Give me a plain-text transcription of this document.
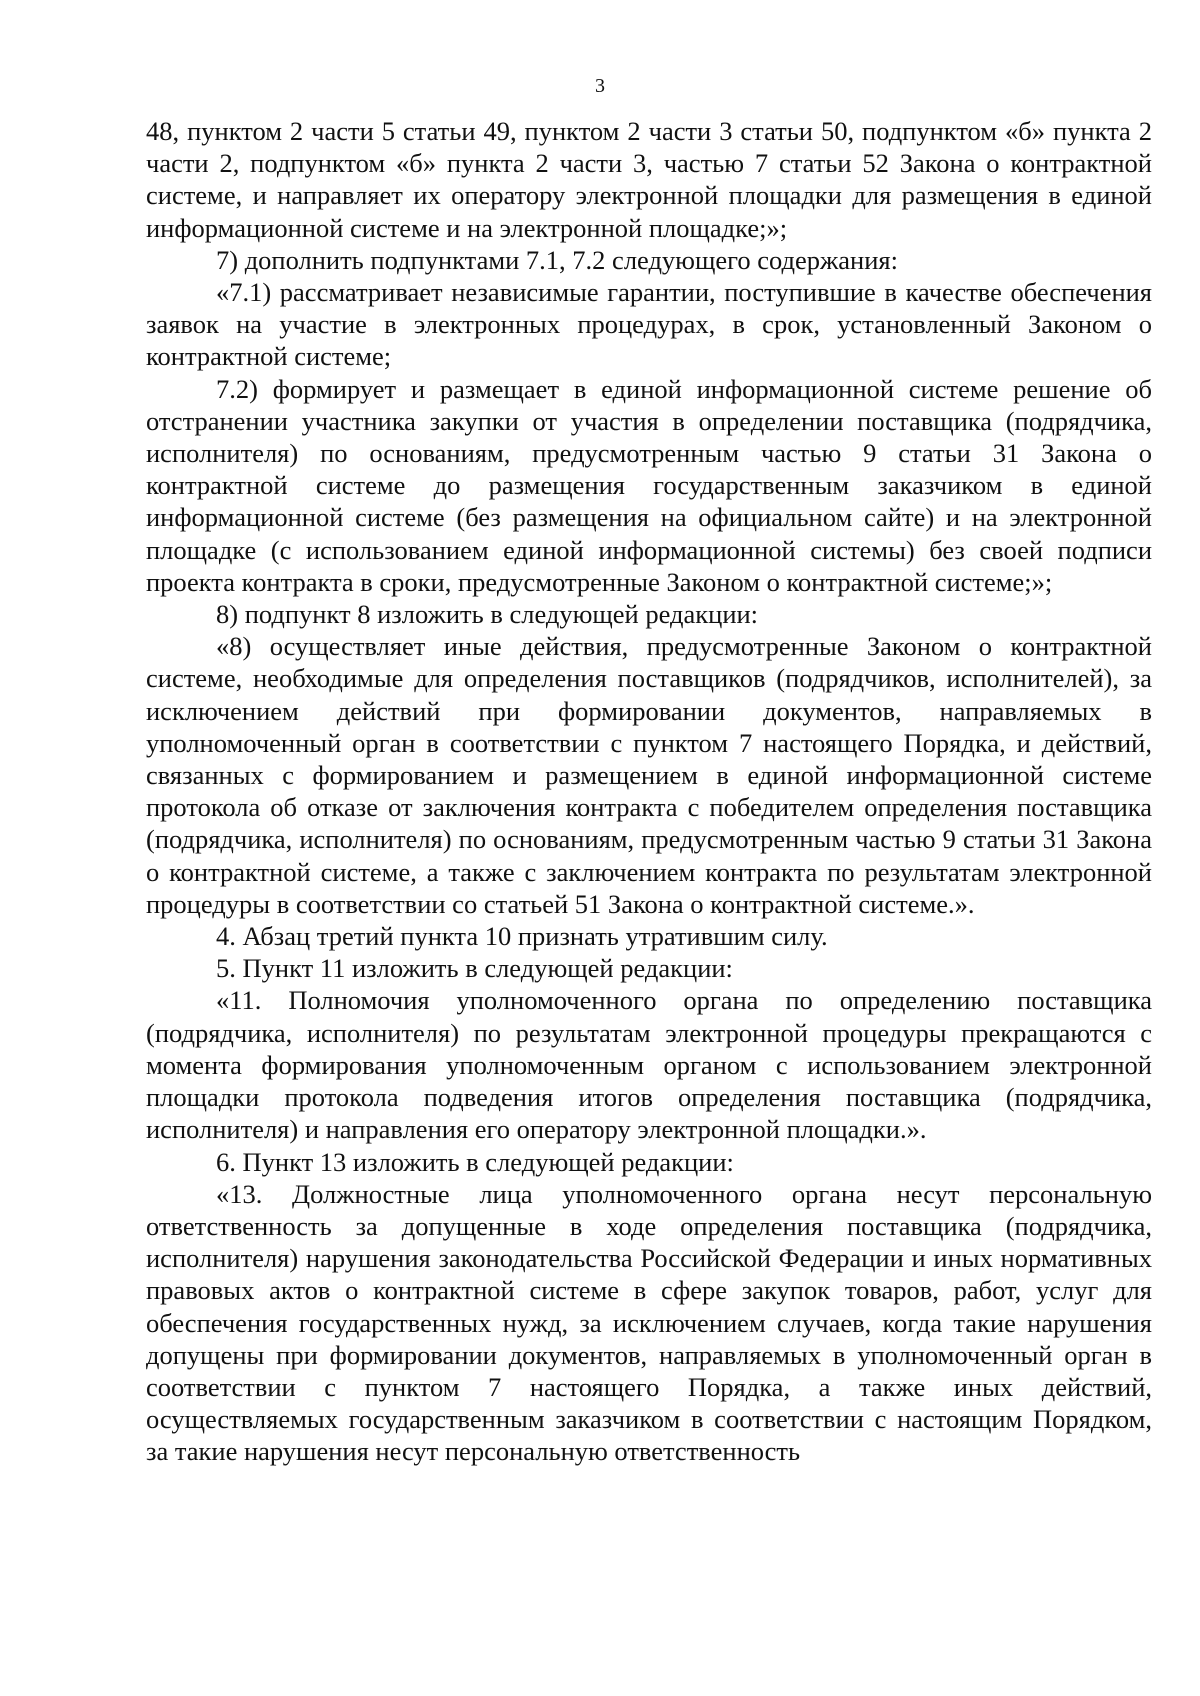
3

48, пунктом 2 части 5 статьи 49, пунктом 2 части 3 статьи 50, подпунктом «б» пункта 2 части 2, подпунктом «б» пункта 2 части 3, частью 7 статьи 52 Закона о контрактной системе, и направляет их оператору электронной площадки для размещения в единой информационной системе и на электронной площадке;»;

7) дополнить подпунктами 7.1, 7.2 следующего содержания:

«7.1) рассматривает независимые гарантии, поступившие в качестве обеспечения заявок на участие в электронных процедурах, в срок, установленный Законом о контрактной системе;

7.2) формирует и размещает в единой информационной системе решение об отстранении участника закупки от участия в определении поставщика (подрядчика, исполнителя) по основаниям, предусмотренным частью 9 статьи 31 Закона о контрактной системе до размещения государственным заказчиком в единой информационной системе (без размещения на официальном сайте) и на электронной площадке (с использованием единой информационной системы) без своей подписи проекта контракта в сроки, предусмотренные Законом о контрактной системе;»;

8) подпункт 8 изложить в следующей редакции:

«8) осуществляет иные действия, предусмотренные Законом о контрактной системе, необходимые для определения поставщиков (подрядчиков, исполнителей), за исключением действий при формировании документов, направляемых в уполномоченный орган в соответствии с пунктом 7 настоящего Порядка, и действий, связанных с формированием и размещением в единой информационной системе протокола об отказе от заключения контракта с победителем определения поставщика (подрядчика, исполнителя) по основаниям, предусмотренным частью 9 статьи 31 Закона о контрактной системе, а также с заключением контракта по результатам электронной процедуры в соответствии со статьей 51 Закона о контрактной системе.».

4. Абзац третий пункта 10 признать утратившим силу.

5. Пункт 11 изложить в следующей редакции:

«11. Полномочия уполномоченного органа по определению поставщика (подрядчика, исполнителя) по результатам электронной процедуры прекращаются с момента формирования уполномоченным органом с использованием электронной площадки протокола подведения итогов определения поставщика (подрядчика, исполнителя) и направления его оператору электронной площадки.».

6. Пункт 13 изложить в следующей редакции:

«13. Должностные лица уполномоченного органа несут персональную ответственность за допущенные в ходе определения поставщика (подрядчика, исполнителя) нарушения законодательства Российской Федерации и иных нормативных правовых актов о контрактной системе в сфере закупок товаров, работ, услуг для обеспечения государственных нужд, за исключением случаев, когда такие нарушения допущены при формировании документов, направляемых в уполномоченный орган в соответствии с пунктом 7 настоящего Порядка, а также иных действий, осуществляемых государственным заказчиком в соответствии с настоящим Порядком, за такие нарушения несут персональную ответственность
